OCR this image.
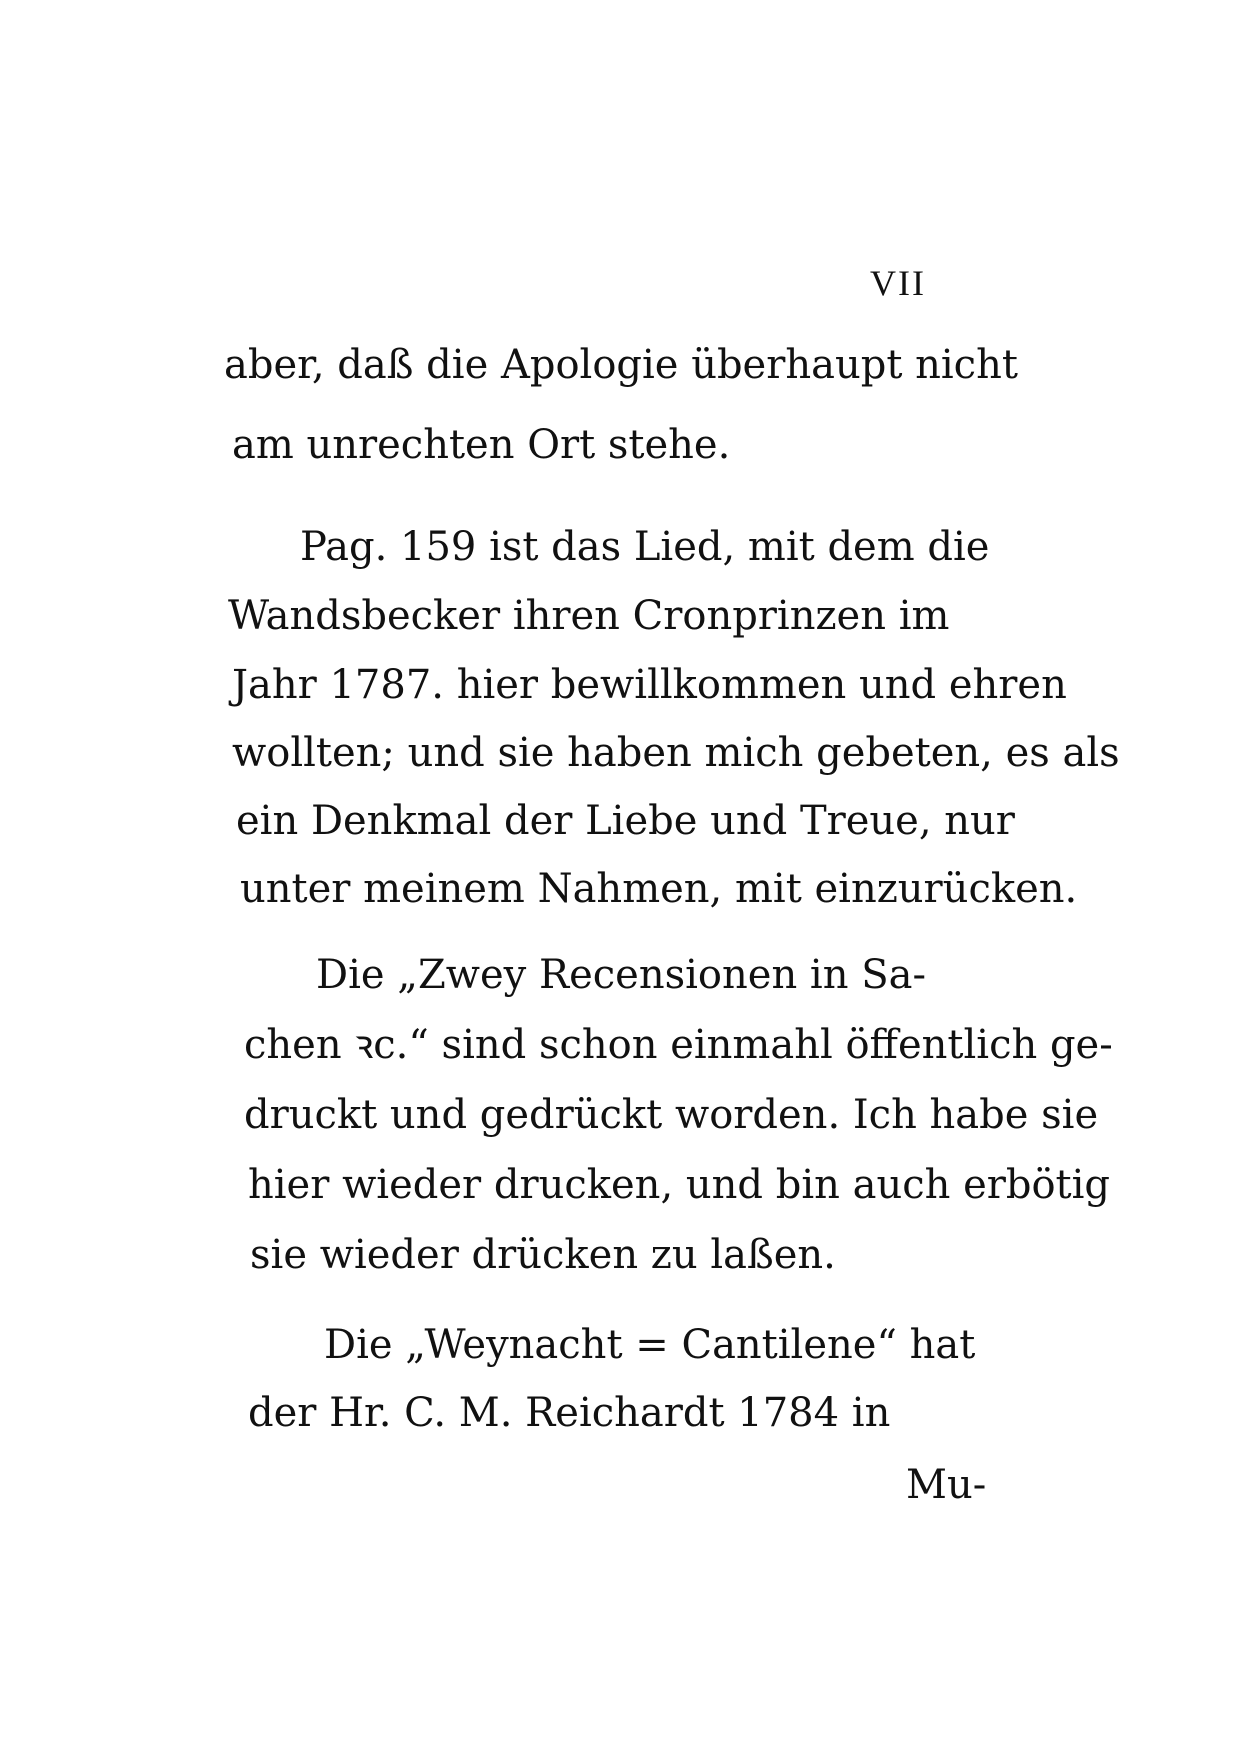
VII
aber, daß die Apologie überhaupt nicht
am unrechten Ort stehe.
Pag. 159 ist das Lied, mit dem die
Wandsbecker ihren Cronprinzen im
Jahr 1787. hier bewillkommen und ehren
wollten; und sie haben mich gebeten, es als
ein Denkmal der Liebe und Treue, nur
unter meinem Nahmen, mit einzurücken.
Die „Zwey Recensionen in Sa-
chen ꝛc.“ sind schon einmahl öffentlich ge-
druckt und gedrückt worden. Ich habe sie
hier wieder drucken, und bin auch erbötig
sie wieder drücken zu laßen.
Die „Weynacht = Cantilene“ hat
der Hr. C. M. Reichardt 1784 in
Mu-
